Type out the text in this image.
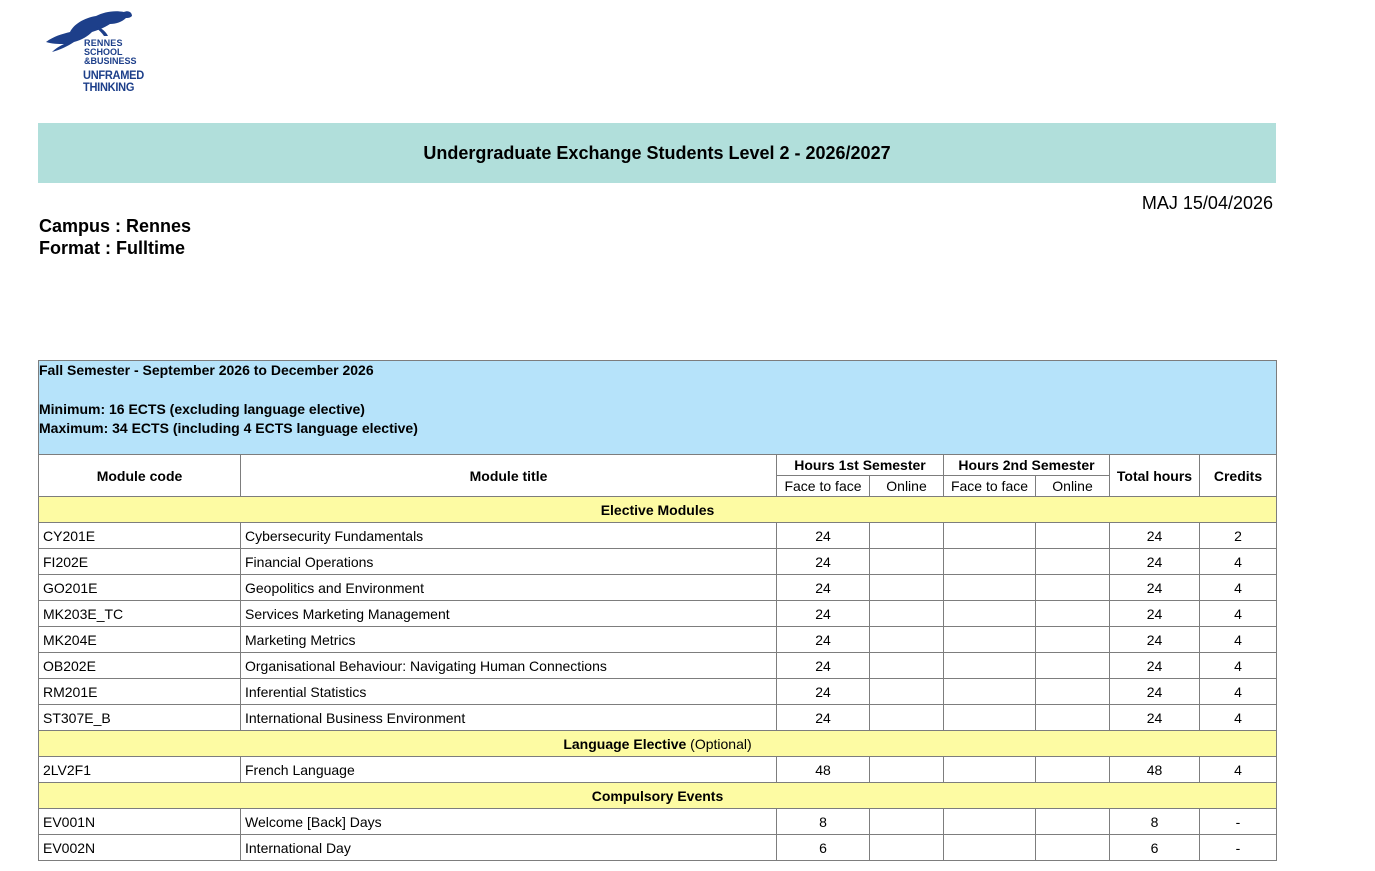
RENNES
SCHOOL
&BUSINESS
UNFRAMED THINKING
Undergraduate Exchange Students Level 2 - 2026/2027
MAJ 15/04/2026
Campus : Rennes
Format : Fulltime
Fall Semester - September 2026 to December 2026
Minimum: 16 ECTS (excluding language elective)
Maximum: 34 ECTS (including 4 ECTS language elective)							

Module code	Module title	Hours 1st Semester		Hours 2nd Semester		Total hours	Credits
		Face to face	Online	Face to face	Online		
Elective Modules							
CY201E	Cybersecurity Fundamentals	24				24	2
FI202E	Financial Operations	24				24	4
GO201E	Geopolitics and Environment	24				24	4
MK203E_TC	Services Marketing Management	24				24	4
MK204E	Marketing Metrics	24				24	4
OB202E	Organisational Behaviour: Navigating Human Connections	24				24	4
RM201E	Inferential Statistics	24				24	4
ST307E_B	International Business Environment	24				24	4
Language Elective (Optional)							
2LV2F1	French Language	48				48	4
Compulsory Events							
EV001N	Welcome [Back] Days	8				8	-
EV002N	International Day	6				6	-
